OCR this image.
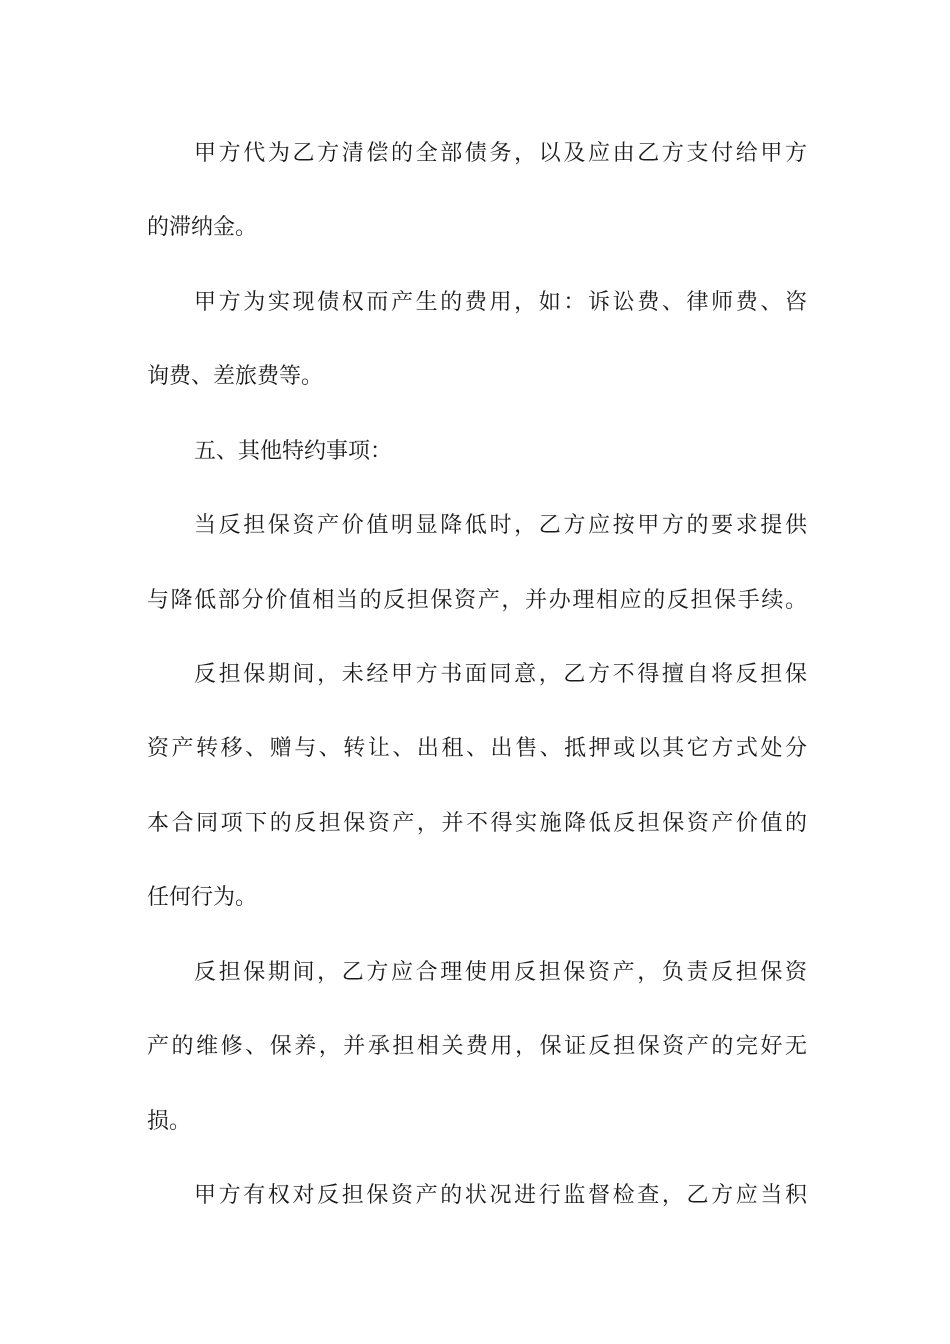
甲方代为乙方清偿的全部债务，以及应由乙方支付给甲方
的滞纳金。
甲方为实现债权而产生的费用，如：诉讼费、律师费、咨
询费、差旅费等。
五、其他特约事项：
当反担保资产价值明显降低时，乙方应按甲方的要求提供
与降低部分价值相当的反担保资产，并办理相应的反担保手续。
反担保期间，未经甲方书面同意，乙方不得擅自将反担保
资产转移、赠与、转让、出租、出售、抵押或以其它方式处分
本合同项下的反担保资产，并不得实施降低反担保资产价值的
任何行为。
反担保期间，乙方应合理使用反担保资产，负责反担保资
产的维修、保养，并承担相关费用，保证反担保资产的完好无
损。
甲方有权对反担保资产的状况进行监督检查，乙方应当积
